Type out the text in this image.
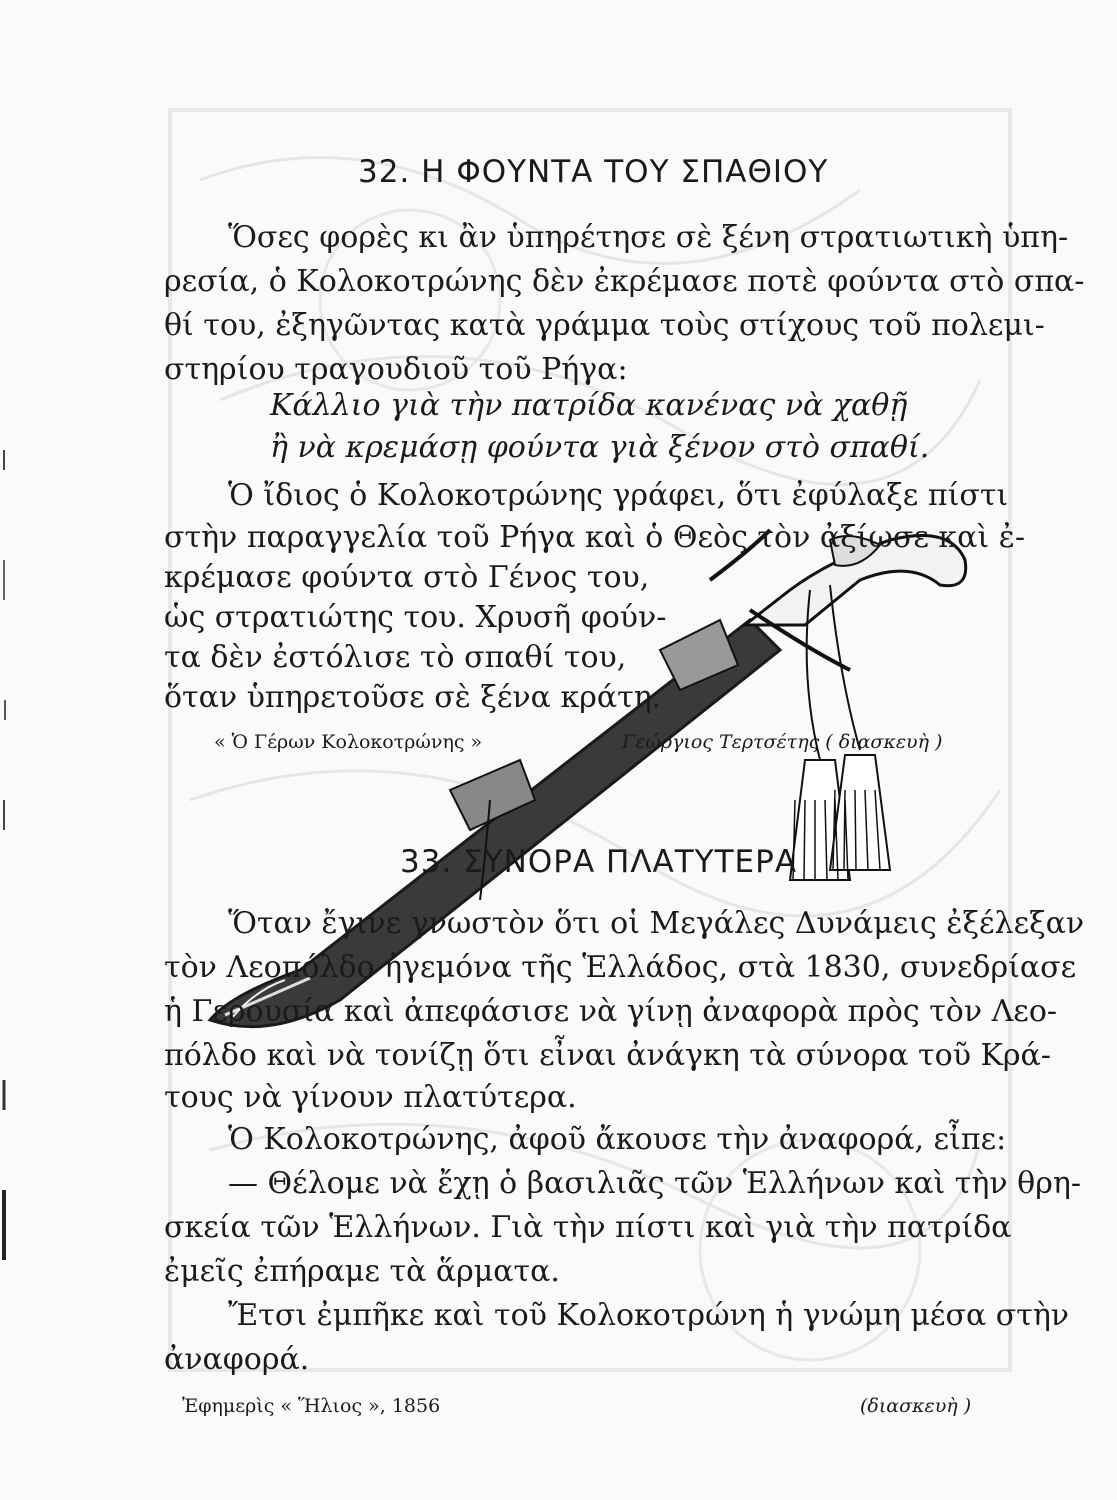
32. Η ΦΟΥΝΤΑ ΤΟΥ ΣΠΑΘΙΟΥ
Ὅσες φορὲς κι ἂν ὑπηρέτησε σὲ ξένη στρατιωτικὴ ὑπη-
ρεσία, ὁ Κολοκοτρώνης δὲν ἐκρέμασε ποτὲ φούντα στὸ σπα-
θί του, ἐξηγῶντας κατὰ γράμμα τοὺς στίχους τοῦ πολεμι-
στηρίου τραγουδιοῦ τοῦ Ρήγα:
Κάλλιο γιὰ τὴν πατρίδα κανένας νὰ χαθῇ
ἢ νὰ κρεμάσῃ φούντα γιὰ ξένον στὸ σπαθί.
Ὁ ἴδιος ὁ Κολοκοτρώνης γράφει, ὅτι ἐφύλαξε πίστι
στὴν παραγγελία τοῦ Ρήγα καὶ ὁ Θεὸς τὸν ἀξίωσε καὶ ἐ-
κρέμασε φούντα στὸ Γένος του,
ὡς στρατιώτης του. Χρυσῆ φούν-
τα δὲν ἐστόλισε τὸ σπαθί του,
ὅταν ὑπηρετοῦσε σὲ ξένα κράτη.
« Ὁ Γέρων Κολοκοτρώνης »	Γεώργιος Τερτσέτης ( διασκευὴ )
33. ΣΥΝΟΡΑ ΠΛΑΤΥΤΕΡΑ
Ὅταν ἔγινε γνωστὸν ὅτι οἱ Μεγάλες Δυνάμεις ἐξέλεξαν
τὸν Λεοπόλδο ἡγεμόνα τῆς Ἑλλάδος, στὰ 1830, συνεδρίασε
ἡ Γερουσία καὶ ἀπεφάσισε νὰ γίνῃ ἀναφορὰ πρὸς τὸν Λεο-
πόλδο καὶ νὰ τονίζῃ ὅτι εἶναι ἀνάγκη τὰ σύνορα τοῦ Κρά-
τους νὰ γίνουν πλατύτερα.
Ὁ Κολοκοτρώνης, ἀφοῦ ἄκουσε τὴν ἀναφορά, εἶπε:
— Θέλομε νὰ ἔχῃ ὁ βασιλιᾶς τῶν Ἑλλήνων καὶ τὴν θρη-
σκεία τῶν Ἑλλήνων. Γιὰ τὴν πίστι καὶ γιὰ τὴν πατρίδα
ἐμεῖς ἐπήραμε τὰ ἅρματα.
Ἔτσι ἐμπῆκε καὶ τοῦ Κολοκοτρώνη ἡ γνώμη μέσα στὴν
ἀναφορά.
Ἐφημερὶς « Ἥλιος », 1856	(διασκευὴ )
